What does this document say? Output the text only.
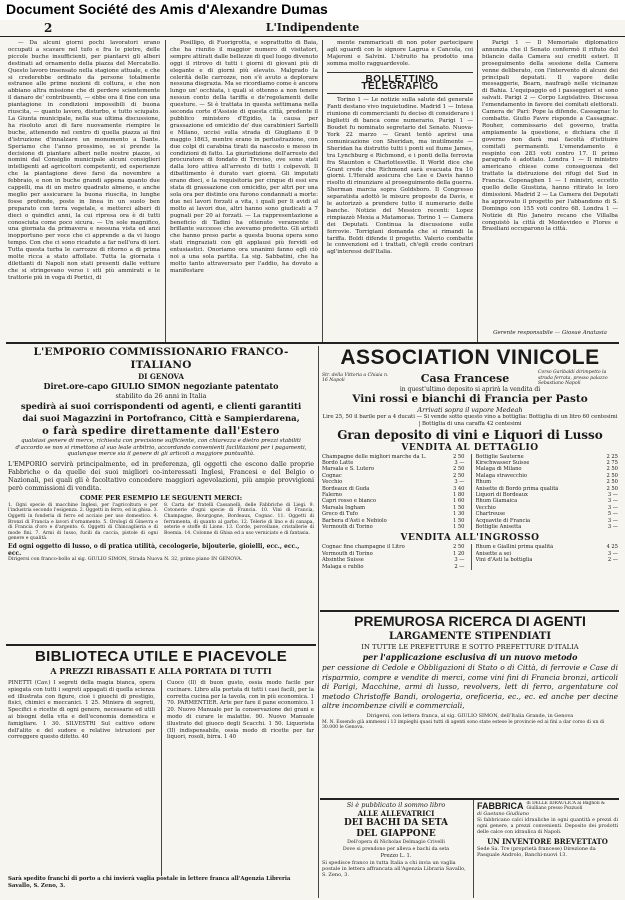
Document Société des Amis d'Alexandre Dumas
2	L'Indipendente

— Da alcuni giorni pochi lavoratori erano occupati a scavare nel tufo e fra le pietre, delle piccole buche insufficienti, per piantarvi gli alberi destinati ad ornamento della piazza del Mercatello. Questo lavoro insensato nella stagione attuale, e che si crederebbe ordinato da persone totalmente estranee alle prime nozioni di coltura, e che non abbiano altra missione che di perdere scientemente il danaro de' contribuenti, — ebbe ora il fine con una piantagione in condizioni impossibili di buona riuscita, — quanto lavoro, disturbo, e tutto sciupato. La Giunta municipale, nella sua ultima discussione, ha risoluto anzi di fare nuovamente riempire le buche, attenendo nel centro di quella piazza ai fini d'istruzione d'innalzare un monumento a Dante. Speriamo che l'anno prossimo, se si prende la decisione di piantare alberi nelle nostre piazze, si nomini dal Consiglio municipale alcuni consiglieri intelligenti ad agricoltori competenti, ed esperienze che la piantagione deve farsi da novembre a febbraio, e non in buche grandi appena quanto due cappelli, ma di un metro quadrato almeno, e anche meglio per assicurare la buona riuscita, in lunghe fosse profonde, poste in linea in un suolo ben preparato con terra vegetale, e metterci alberi di dieci o quindici anni, la cui ripresa ora è di tutti conosciuta come poco sicura. — Un sole magnifico, una giornata da primavera e nessuna vista ed anzi inopportuno per voce che ci apprende a da vi luogo tempo. Con che ci sono ricadute a far nell'ora di ieri. Tutta questa turba le carrozze di ritorno a di prima molte ricca a stato affollate. Tutta la giornata i dilettanti di Napoli non stati presenti dalle vetture che si stringevano verso i siti più ammirati e le trattorie più in voga di Portici, di

Posillipo, di Fuorigrotta, e soprattutto di Baia, che ha riunito il maggior numero di visitatori, sempre attirati dalle bellezze di quel luogo divenuto oggi il ritrovo di tutti i giorni di giovani più di elegante e di giorni più elevato. Malgrado la celerità delle carrozze, non s'è avuto a deplorare nessuna disgrazia. Ma se ricordiamo come è ancora lungo un' occhiata, i quali si ottenno a non tenere nessun conto della tariffa e de'regolamenti delle questure. — Si è trattata in questa settimana nella seconda corte d'Assisie di questa città, predente il pubblico ministero d'Egidio, la causa per grassazione ed omicidio de' due carabinieri Sartelli e Milano, uccisi sulla strada di Giugliano il 9 maggio 1863, mentre erano in perlustrazione, con due colpi di carabina tirati da nascosto e messo in condizioni di fatto. La giurisdizione dell'arresto del procuratore di fondato di Treviso, ove sono stati dalla loro attiva all'arresto di tutti i colpevoli. Il dibattimento è durato vari giorni. Gli imputati erano dieci, e la requisitoria per cinque di essi era stata di grassazione con omicidio, per altri per una sola ora per distinte ora furono condannati a morte: due nei lavori forzati a vita, i quali per li avidi al molto ai lavori due, altri hanno sono giudicati a 7 pugnali per 20 ai forzati. — La rappresentazione a beneficio di Tadini ha ottenuto veramente il brillante successo che avevamo predetto. Gli artisti che hanno preso parte a questa buona opera sono stati ringraziati con gli applausi più fervidi ed entusiastici. Onoriamo ora unanimi fanno egli ciò noi a una sola partita. La sig. Sabbatini, che ha molto tanto attraversato per l'addio, ha dovuto a manifestare

mente rammaricati di non poter partecipare agli sguardi con le signore Lagrua e Cancola, coi Majeroni e Salvini. L'istruito ha prodotto una somma molto ragguardevole.

BOLLETTINO TELEGRAFICO

Torino 1 — Le notizie sulla salute del generale Fanti destano vivo inquietudine. Madrid 1 — Intesa riunione di commercianti fu deciso di considerare i biglietti di banca come numerario. Parigi 1 — Boudet fu nominato segretario del Senato. Nuova-York 22 marzo — Grant tentò aprirsi una comunicazione con Sheridan, ma inutilmente — Sheridan ha distrutto tutti i ponti sul fiume James, tra Lynchburg e Richmond, e i ponti della ferrovia fra Staunton e Charlottesville. Il World dice che Grant crede che Richmond sarà evacuata fra 10 giorni. L'Herald assicura che Lee e Davis hanno risolto di rinunziare al proseguimento della guerra. Sherman marcia sopra Goldsboro. Il Congresso separatista adottò le misure proposte da Davis, e le autorizzò a prendere tutto il numerario delle banche. Notizie del Messico recenti: Lopez rimpiazzò Mexia a Matamoras. Torino 1 — Camera dei Deputati. Continua la discussione sulle ferrovie. Torrigiani domanda che si rimandi la tariffa. Boldi difende il progetto. Valerio combatte le convenzioni ed i trattati, ch'egli crede contrari agl'interessi dell'Italia.

Parigi 1 — Il Memoriale diplomatico annunzia che il Senato confermò il rifiuto del bilancio dalla Camera sui crediti esteri. Il proseguimento della sessione della Camera venne deliberato, con l'intervento di alcuni dei principali deputati. Il vapore delle messaggerie, Bearn, naufragò nelle vicinanze di Bahia. L'equipaggio ed i passeggieri si sono salvati. Parigi 2 — Corpo Legislativo. Discussa l'emendamento in favore dei comitati elettorali. Camera de' Pari: Pope la difende. Cassagnac lo combatte. Giulio Favre risponde a Cassagnac. Rouher, commissario del governo, tratta ampiamente la questione, e dichiara che il governo non darà mai facoltà d'istituire comitati permanenti. L'emendamento è respinto con 283 voti contro 17. Il primo paragrafo è adottato. Londra 1 — Il ministro americano chiese come conseguenza del trattato la distruzione dei rifugi del Sud in Francia. Copenaghen 1 — I ministri, eccetto quello delle Giustizia, hanno ritirato le loro dimissioni. Madrid 2 — La Camera dei Deputati ha approvato il progetto per l'abbandono di S. Domingo con 155 voti contro 68. Londra 1 — Notizie di Rio Janeiro recano che Villalba conquistò la città di Montevideo e Flores e Brasiliani occuparono la città.

Gerente responsabile — Giosuè Anatasia
L'EMPORIO COMMISSIONARIO FRANCO-ITALIANO
DI GENOVA
Diret.ore-capo GIULIO SIMON negoziante patentato
stabilito da 26 anni in Italia
spedirà ai suoi corrispondenti od agenti, e clienti garantiti
dai suoi Magazzini in Portofranco, Città e Sampierdarena,
o farà spedire direttamente dall'Estero
qualsiasi genere di merce, richiesta con precisione sufficiente, con chiarezza e dietro prezzi stabiliti d'accordo se non si rimettono al suo leale arbitrio, accordando convenienti facilitazioni per i pagamenti, qualunque merce sia il genere di gli articoli a maggiore puntualità.
L'EMPORIO servirà principalmente, ed in preferenza, gli oggetti che escono dalle proprie Fabbriche o da quelle dei suoi migliori co-interessati Inglesi, Francesi e del Belgio o Nazionali, pei quali gli è facoltativo concedere maggiori agevolazioni, più ampie provvigioni però commissioni di vendita.
COME PER ESEMPIO LE SEGUENTI MERCI:
1. Ogni specie di macchine Inglesi, per l'agricoltura e per l'industria secondo l'esigenza. 2. Oggetti in ferro, ed in ghisa. 3. Oggetti in fonderia di ferro ed acciaio per uso domestico. 4. Bronzi di Francia e lavori d'ornamento. 5. Orologi di Ginevra e di Francia d'oro e d'argento. 6. Oggetti di Chincaglieria e di mode fini. 7. Armi di lusso, fucili da caccia, pistole di ogni genere e qualità.
8. Carta de' fratelli Cassanelli, delle Fabbriche di Liegi. 9. Cotonerie d'ogni specie di Francia. 10. Vini di Francia, Champagne, Bourgogne, Bordeaux, Cognac. 11. Oggetti di ferramenta, di quanto al garbo. 12. Telerie di lino e di canapa, seterie e stoffe di Lione. 13. Corde, porcellane, cristallerie di Boemia. 14. Colonne di Ghisa ed a uso verniciato e di fantasia.
Ed ogni oggetto di lusso, o di pratica utilità, cecologerie, bijouterie, gioielli, ecc., ecc., ecc.
Dirigersi con franco-bollo al sig. GIULIO SIMON, Strada Nuova N. 32, primo piano IN GENOVA.
BIBLIOTECA UTILE E PIACEVOLE
A PREZZI RIBASSATI E ALLA PORTATA DI TUTTI
PINETTI (Cav.) I segreti della magia bianca, opera spiegata con tutti i segreti appagati di quella scienza ed illustrata con figure, cioè i giuochi di prestigio, fisici, chimici e meccanici. 1 25. Miniera di segreti, Specifici e ricette di ogni genere, necessarie ed utili ai bisogni della vita e dell'economia domestica e famigliare. 1 30. SILVESTRI Sul cattivo odore dell'alito e del sudore e relative istruzioni per correggere questo difetto. 40
Cuoco (Il) di buon gusto, ossia modo facile per cucinare. Libro alla portata di tutti i casi facili, per la corretta cucina per la tavola, con in più economica. 1 70. PARMENTIER. Arte per fare il pane economico. 1 20. Nuovo Manuale per la conservazione dei grani e modo di curare le malattie. 90. Nuovo Manuale illustrato del giuoco degli Scacchi. 1 50. Liquorista (II) indispensabile, ossia modo di ricette per far liquori, rosoli, birra. 1 40
Sarà spedito franchi di porto a chi invierà vaglia postale in lettere franca all'Agenzia Libreria Savallo, S. Zeno, 3.
ASSOCIATION VINICOLE
Str. della Vittoria a Chiaia n. 16 Napoli	Casa Francese	Corso Garibaldi dirimpetto la strada ferrata, presso palazzo Sebastiano Napoli
in quest'ultimo deposito si aprirà la vendita di
Vini rossi e bianchi di Francia per Pasto
Arrivati sopra il vapore Medeah
Lire 25, 50 il barile per a 4 ducati — Si vende sotto questo vino a bottiglia: Bottiglia di un litro 60 centesimi | Bottiglia di una caraffa 42 centesimi
Gran deposito di vini e Liquori di Lusso
VENDITA AL DETTAGLIO
Champagne delle migliori marche da L.	2 50
Bordò Latte	3 —
Marsala e S. Lutero	2 50
Cognac	2 50
Vecchio	3 —
Bordeaux di Guda	3 40
Falernо	1 80
Capri rosso e bianco	1 60
Marsala Ingham	1 50
Greco di Tufo	1 30
Barbera d'Asti e Nebiolo	1 50
Vermouth di Torino	1 50
Bottiglie Sauterne	2 25
Kirschwasser Suisse	2 75
Malaga di Milano	2 50
Malaga stravecchio	2 50
Rhum	2 50
Anisette di Bordò prima qualità	2 50
Liquori di Bordeaux	3 —
Rhum Giamaica	3 —
Vecchio	3 —
Chartreuse	5 —
Acquavite di Francia	3 —
Bottiglie Anisetta	3 —
VENDITA ALL'INGROSSO
Cognac fine champagne il Litro	2 50
Vermouth di Torino	1 20
Absinthe Suisse	3 —
Malaga e rublio	2 —
Rhum e Giallini prima qualità	4 25
Anisette a sei	3 —
Vini d'Asti la bottiglia	2 —
PREMUROSA RICERCA DI AGENTI
LARGAMENTE STIPENDIATI
IN TUTTE LE PREFETTURE E SOTTO PREFETTURE D'ITALIA
per l'applicazione esclusiva di un nuovo metodo
per cessione di Cedole e Obbligazioni di Stato o di Città, di ferrovie e Case di risparmio, compre e vendite di merci, come vini fini di Francia bronzi, articoli di Parigi, Macchine, armi di lusso, revolvers, lett di ferro, argentature col metodo Christoffe Bandi, orologeria, oreficeria, ec., ec. ed anche per decine altre incombenze civili e commerciali,
Dirigersi, con lettera franca, al sig. GIULIO SIMON, dell'Italia Grande, in Genova
M. N. Essendo già ammessi i 13 impieghi quasi tutti di agenti sono state estese le provincie ed ai fini a dar corso di un di 30.000 le Genova.
Si è pubblicato il sommo libro
ALLE ALLEVATRICI
DEI BACHI DA SETA
DEL GIAPPONE
Dell'opera di Nicholas Delmagio Crivelli
Dove si prendono per alleva e bachi da seta
Prezzo L. 1.
Si spedisce franco in tutta Italia a chi invia un vaglia postale in lettera affrancata all'Agenzia Libraria Savallo, S. Zeno, 3.
FABBRICA di DELLE IDRAULICA ai Bagnoli & Giulliano presso Pozzuoli
di Gaetano Giulliano
Si fabbricano calci idrauliche in ogni quantità e prezzi di ogni genere, a prezzi convenienti. Deposito dei prodotti delle calce con idraulica di Napoli.
UN INVENTORE BREVETTATO
Sede Sa. Tre (proprietà francese) Direzione da Pasquale Androlo, Banchi-nuovi 13.
